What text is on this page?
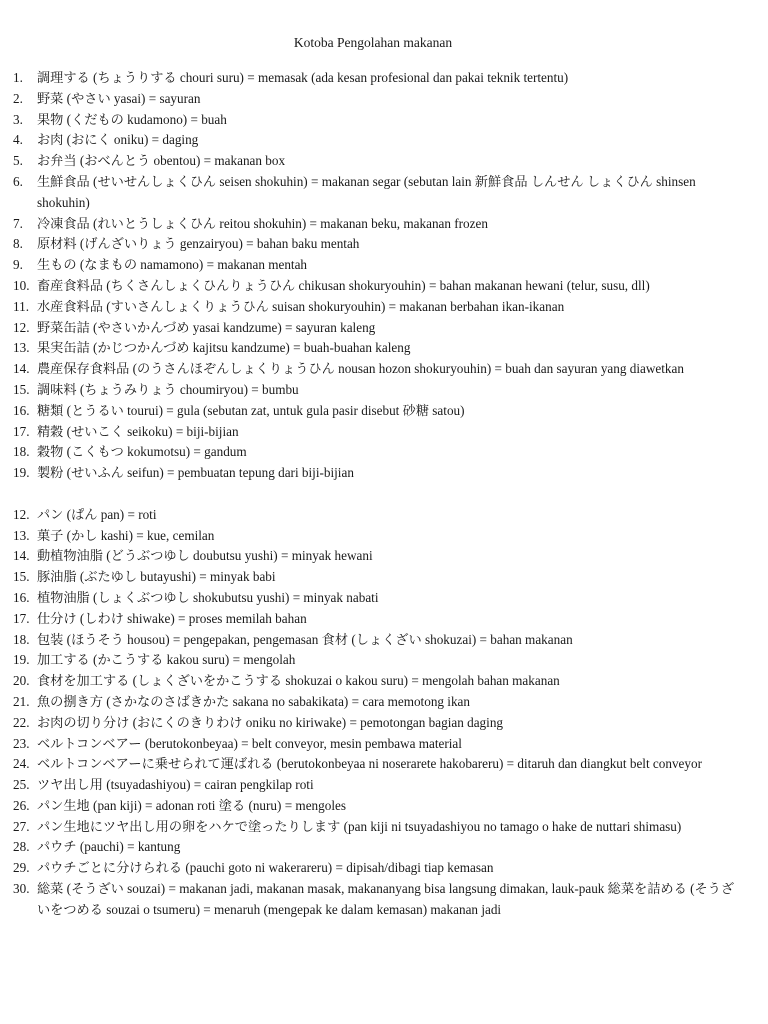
Kotoba Pengolahan makanan
1. 調理する (ちょうりする chouri suru) = memasak (ada kesan profesional dan pakai teknik tertentu)
2. 野菜 (やさい yasai) = sayuran
3. 果物 (くだもの kudamono) = buah
4. お肉 (おにく oniku) = daging
5. お弁当 (おべんとう obentou) = makanan box
6. 生鮮食品 (せいせんしょくひん seisen shokuhin) = makanan segar (sebutan lain 新鮮食品 しんせん しょくひん shinsen shokuhin)
7. 冷凍食品 (れいとうしょくひん reitou shokuhin) = makanan beku, makanan frozen
8. 原材料 (げんざいりょう genzairyou) = bahan baku mentah
9. 生もの (なまもの namamono) = makanan mentah
10. 畜産食料品 (ちくさんしょくひんりょうひん chikusan shokuryouhin) = bahan makanan hewani (telur, susu, dll)
11. 水産食料品 (すいさんしょくりょうひん suisan shokuryouhin) = makanan berbahan ikan-ikanan
12. 野菜缶詰 (やさいかんづめ yasai kandzume) = sayuran kaleng
13. 果実缶詰 (かじつかんづめ kajitsu kandzume) = buah-buahan kaleng
14. 農産保存食料品 (のうさんほぞんしょくりょうひん nousan hozon shokuryouhin) = buah dan sayuran yang diawetkan
15. 調味料 (ちょうみりょう choumiryou) = bumbu
16. 糖類 (とうるい tourui) = gula (sebutan zat, untuk gula pasir disebut 砂糖 satou)
17. 精穀 (せいこく seikoku) = biji-bijian
18. 穀物 (こくもつ kokumotsu) = gandum
19. 製粉 (せいふん seifun) = pembuatan tepung dari biji-bijian
12. パン (ぱん pan) = roti
13. 菓子 (かし kashi) = kue, cemilan
14. 動植物油脂 (どうぶつゆし doubutsu yushi) = minyak hewani
15. 豚油脂 (ぶたゆし butayushi) = minyak babi
16. 植物油脂 (しょくぶつゆし shokubutsu yushi) = minyak nabati
17. 仕分け (しわけ shiwake) = proses memilah bahan
18. 包装 (ほうそう housou) = pengepakan, pengemasan 食材 (しょくざい shokuzai) = bahan makanan
19. 加工する (かこうする kakou suru) = mengolah
20. 食材を加工する (しょくざいをかこうする shokuzai o kakou suru) = mengolah bahan makanan
21. 魚の捌き方 (さかなのさばきかた sakana no sabakikata) = cara memotong ikan
22. お肉の切り分け (おにくのきりわけ oniku no kiriwake) = pemotongan bagian daging
23. ベルトコンベアー (berutokonbeyaa) = belt conveyor, mesin pembawa material
24. ベルトコンベアーに乗せられて運ばれる (berutokonbeyaa ni noserarete hakobareru) = ditaruh dan diangkut belt conveyor
25. ツヤ出し用 (tsuyadashiyou) = cairan pengkilap roti
26. パン生地 (pan kiji) = adonan roti 塗る (nuru) = mengoles
27. パン生地にツヤ出し用の卵をハケで塗ったりします (pan kiji ni tsuyadashiyou no tamago o hake de nuttari shimasu)
28. パウチ (pauchi) = kantung
29. パウチごとに分けられる (pauchi goto ni wakerareru) = dipisah/dibagi tiap kemasan
30. 総菜 (そうざい souzai) = makanan jadi, makanan masak, makananyang bisa langsung dimakan, lauk-pauk 総菜を詰める (そうざいをつめる souzai o tsumeru) = menaruh (mengepak ke dalam kemasan) makanan jadi
